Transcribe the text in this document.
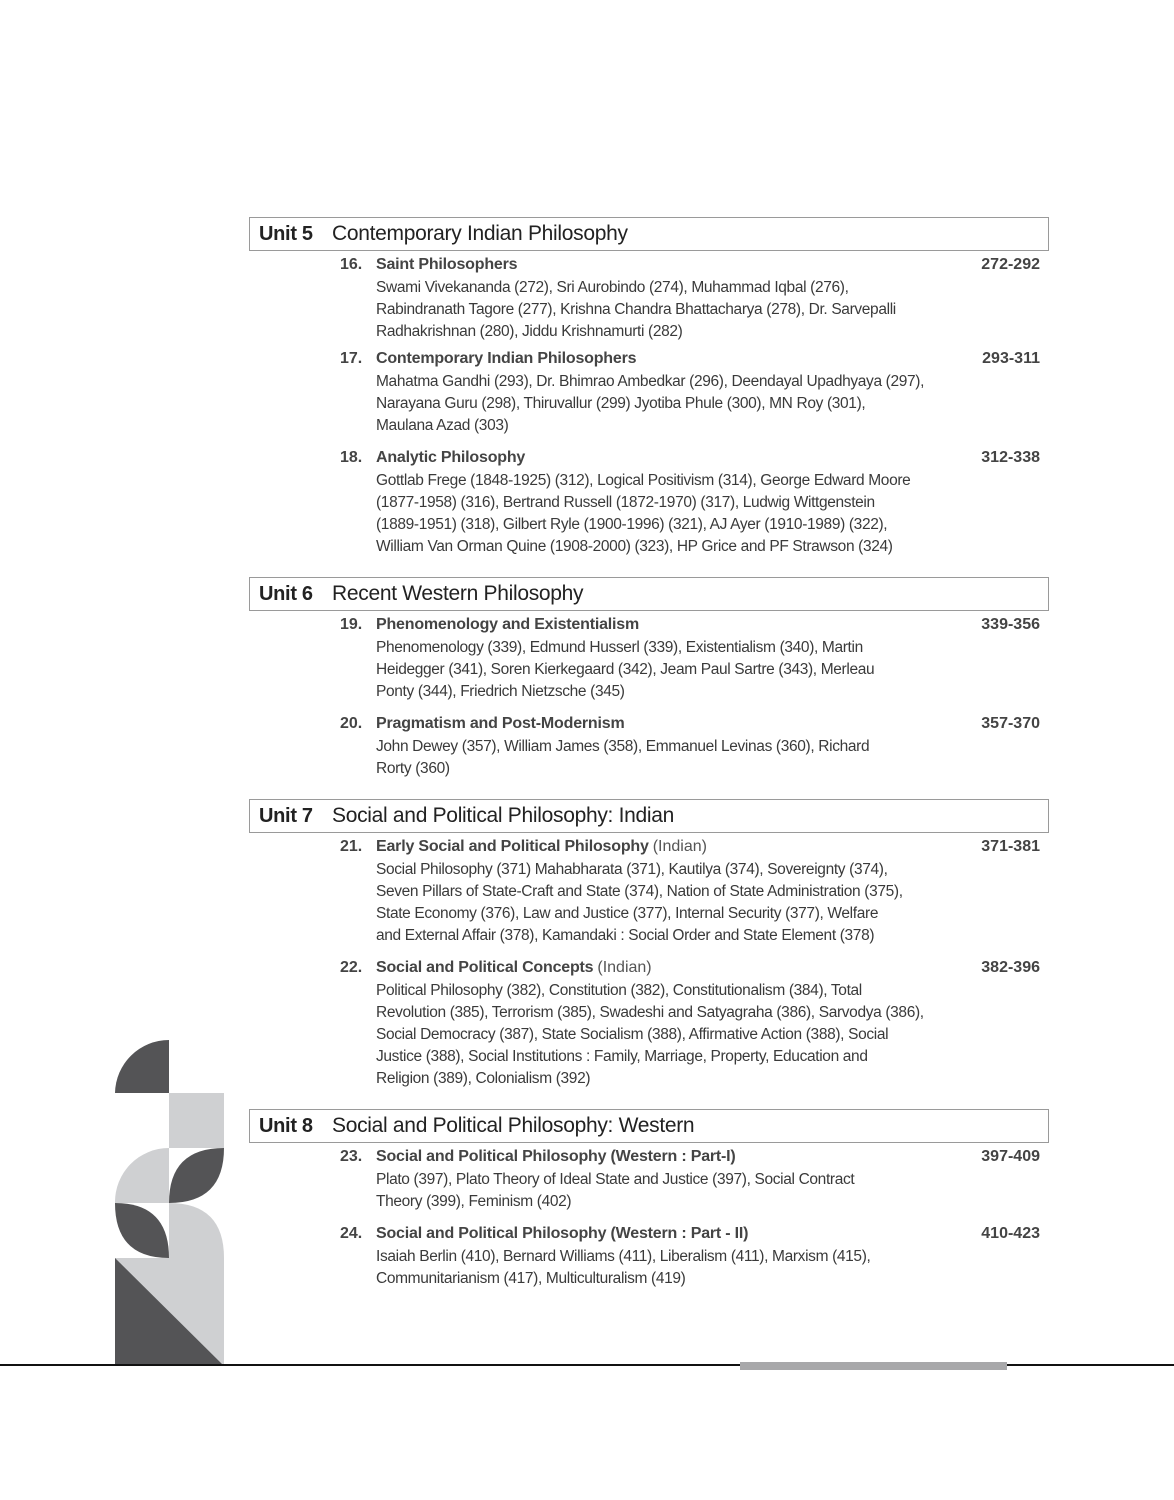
Unit 5 Contemporary Indian Philosophy
16. Saint Philosophers	272-292
Swami Vivekananda (272), Sri Aurobindo (274), Muhammad Iqbal (276),
Rabindranath Tagore (277), Krishna Chandra Bhattacharya (278), Dr. Sarvepalli
Radhakrishnan (280), Jiddu Krishnamurti (282)
17. Contemporary Indian Philosophers	293-311
Mahatma Gandhi (293), Dr. Bhimrao Ambedkar (296), Deendayal Upadhyaya (297),
Narayana Guru (298), Thiruvallur (299) Jyotiba Phule (300), MN Roy (301),
Maulana Azad (303)
18. Analytic Philosophy	312-338
Gottlab Frege (1848-1925) (312), Logical Positivism (314), George Edward Moore
(1877-1958) (316), Bertrand Russell (1872-1970) (317), Ludwig Wittgenstein
(1889-1951) (318), Gilbert Ryle (1900-1996) (321), AJ Ayer (1910-1989) (322),
William Van Orman Quine (1908-2000) (323), HP Grice and PF Strawson (324)
Unit 6 Recent Western Philosophy
19. Phenomenology and Existentialism	339-356
Phenomenology (339), Edmund Husserl (339), Existentialism (340), Martin
Heidegger (341), Soren Kierkegaard (342), Jeam Paul Sartre (343), Merleau
Ponty (344), Friedrich Nietzsche (345)
20. Pragmatism and Post-Modernism	357-370
John Dewey (357), William James (358), Emmanuel Levinas (360), Richard
Rorty (360)
Unit 7 Social and Political Philosophy: Indian
21. Early Social and Political Philosophy (Indian)	371-381
Social Philosophy (371) Mahabharata (371), Kautilya (374), Sovereignty (374),
Seven Pillars of State-Craft and State (374), Nation of State Administration (375),
State Economy (376), Law and Justice (377), Internal Security (377), Welfare
and External Affair (378), Kamandaki : Social Order and State Element (378)
22. Social and Political Concepts (Indian)	382-396
Political Philosophy (382), Constitution (382), Constitutionalism (384), Total
Revolution (385), Terrorism (385), Swadeshi and Satyagraha (386), Sarvodya (386),
Social Democracy (387), State Socialism (388), Affirmative Action (388), Social
Justice (388), Social Institutions : Family, Marriage, Property, Education and
Religion (389), Colonialism (392)
Unit 8 Social and Political Philosophy: Western
23. Social and Political Philosophy (Western : Part-I)	397-409
Plato (397), Plato Theory of Ideal State and Justice (397), Social Contract
Theory (399), Feminism (402)
24. Social and Political Philosophy (Western : Part - II)	410-423
Isaiah Berlin (410), Bernard Williams (411), Liberalism (411), Marxism (415),
Communitarianism (417), Multiculturalism (419)
